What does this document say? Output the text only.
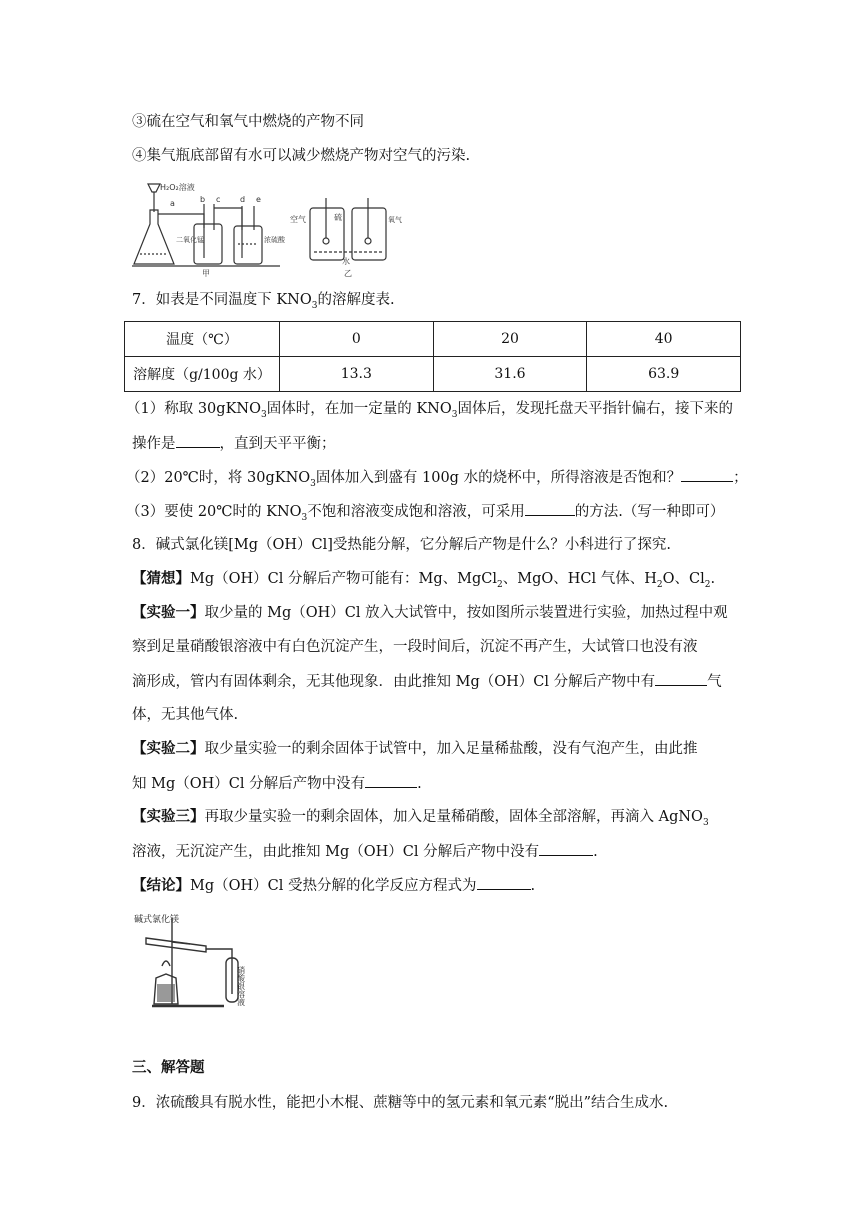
③硫在空气和氧气中燃烧的产物不同
④集气瓶底部留有水可以减少燃烧产物对空气的污染.
H₂O₂溶液
a	b c d e
二氧化锰	浓硫酸
甲
空气	硫	氧气
水
乙
7．如表是不同温度下 $KNO_3$的溶解度表.
温度（℃）	0	20	40
溶解度（g/100g 水）	13.3	31.6	63.9
（1）称取 30gKNO$_3$固体时，在加一定量的 $KNO_3$固体后，发现托盘天平指针偏右，接下来的
操作是	，直到天平平衡；
（2）20℃时，将 30gKNO$_3$固体加入到盛有 100g 水的烧杯中，所得溶液是否饱和？	；
（3）要使 20℃时的 $KNO_3$不饱和溶液变成饱和溶液，可采用	的方法.（写一种即可）
8．碱式氯化镁[Mg（OH）Cl]受热能分解，它分解后产物是什么？小科进行了探究.
【猜想】Mg（OH）Cl 分解后产物可能有：Mg、MgCl$_2$、MgO、HCl 气体、$H_2O$、$Cl_2$.
【实验一】取少量的 Mg（OH）Cl 放入大试管中，按如图所示装置进行实验，加热过程中观
察到足量硝酸银溶液中有白色沉淀产生，一段时间后，沉淀不再产生，大试管口也没有液
滴形成，管内有固体剩余，无其他现象．由此推知 Mg（OH）Cl 分解后产物中有	气
体，无其他气体.
【实验二】取少量实验一的剩余固体于试管中，加入足量稀盐酸，没有气泡产生，由此推
知 Mg（OH）Cl 分解后产物中没有	.
【实验三】再取少量实验一的剩余固体，加入足量稀硝酸，固体全部溶解，再滴入 AgNO$_3$
溶液，无沉淀产生，由此推知 Mg（OH）Cl 分解后产物中没有	.
【结论】Mg（OH）Cl 受热分解的化学反应方程式为	.
碱式氯化镁
硝酸银溶液
三、解答题
9．浓硫酸具有脱水性，能把小木棍、蔗糖等中的氢元素和氧元素“脱出”结合生成水.
